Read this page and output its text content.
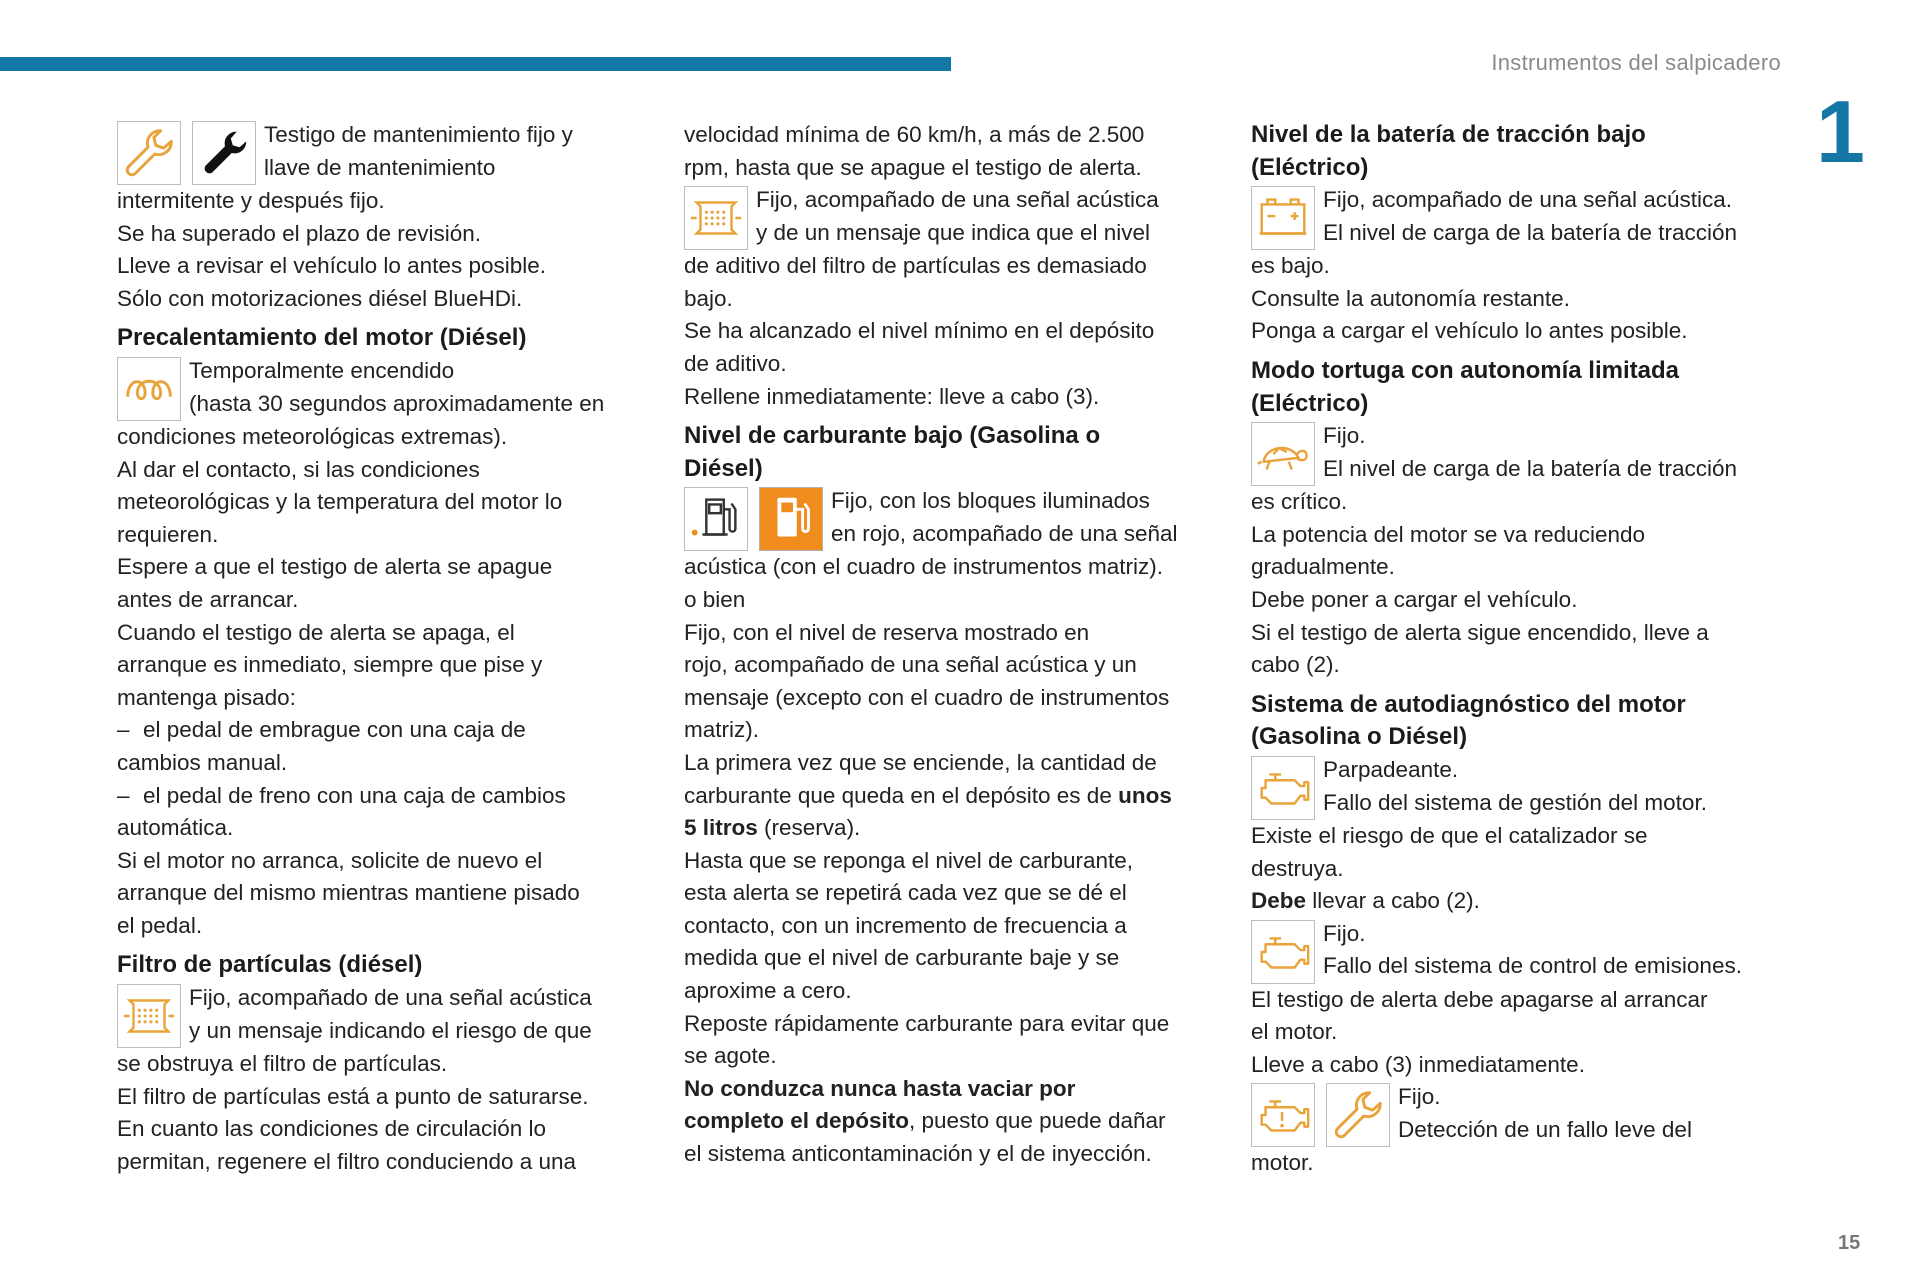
Instrumentos del salpicadero
1
15

Testigo de mantenimiento fijo y

llave de mantenimiento

intermitente y después fijo.

Se ha superado el plazo de revisión.

Lleve a revisar el vehículo lo antes posible.

Sólo con motorizaciones diésel BlueHDi.

Precalentamiento del motor (Diésel)

Temporalmente encendido

(hasta 30 segundos aproximadamente en

condiciones meteorológicas extremas).

Al dar el contacto, si las condiciones

meteorológicas y la temperatura del motor lo

requieren.

Espere a que el testigo de alerta se apague

antes de arrancar.

Cuando el testigo de alerta se apaga, el

arranque es inmediato, siempre que pise y

mantenga pisado:

– el pedal de embrague con una caja de

cambios manual.

– el pedal de freno con una caja de cambios

automática.

Si el motor no arranca, solicite de nuevo el

arranque del mismo mientras mantiene pisado

el pedal.

Filtro de partículas (diésel)

Fijo, acompañado de una señal acústica

y un mensaje indicando el riesgo de que

se obstruya el filtro de partículas.

El filtro de partículas está a punto de saturarse.

En cuanto las condiciones de circulación lo

permitan, regenere el filtro conduciendo a una

velocidad mínima de 60 km/h, a más de 2.500

rpm, hasta que se apague el testigo de alerta.

Fijo, acompañado de una señal acústica

y de un mensaje que indica que el nivel

de aditivo del filtro de partículas es demasiado

bajo.

Se ha alcanzado el nivel mínimo en el depósito

de aditivo.

Rellene inmediatamente: lleve a cabo (3).

Nivel de carburante bajo (Gasolina o
Diésel)

Fijo, con los bloques iluminados

en rojo, acompañado de una señal

acústica (con el cuadro de instrumentos matriz).

o bien

Fijo, con el nivel de reserva mostrado en

rojo, acompañado de una señal acústica y un

mensaje (excepto con el cuadro de instrumentos

matriz).

La primera vez que se enciende, la cantidad de

carburante que queda en el depósito es de unos

5 litros (reserva).

Hasta que se reponga el nivel de carburante,

esta alerta se repetirá cada vez que se dé el

contacto, con un incremento de frecuencia a

medida que el nivel de carburante baje y se

aproxime a cero.

Reposte rápidamente carburante para evitar que

se agote.

No conduzca nunca hasta vaciar por

completo el depósito, puesto que puede dañar

el sistema anticontaminación y el de inyección.

Nivel de la batería de tracción bajo
(Eléctrico)

Fijo, acompañado de una señal acústica.

El nivel de carga de la batería de tracción

es bajo.

Consulte la autonomía restante.

Ponga a cargar el vehículo lo antes posible.

Modo tortuga con autonomía limitada
(Eléctrico)

Fijo.

El nivel de carga de la batería de tracción

es crítico.

La potencia del motor se va reduciendo

gradualmente.

Debe poner a cargar el vehículo.

Si el testigo de alerta sigue encendido, lleve a

cabo (2).

Sistema de autodiagnóstico del motor
(Gasolina o Diésel)

Parpadeante.

Fallo del sistema de gestión del motor.

Existe el riesgo de que el catalizador se

destruya.

Debe llevar a cabo (2).

Fijo.

Fallo del sistema de control de emisiones.

El testigo de alerta debe apagarse al arrancar

el motor.

Lleve a cabo (3) inmediatamente.

Fijo.

Detección de un fallo leve del

motor.
